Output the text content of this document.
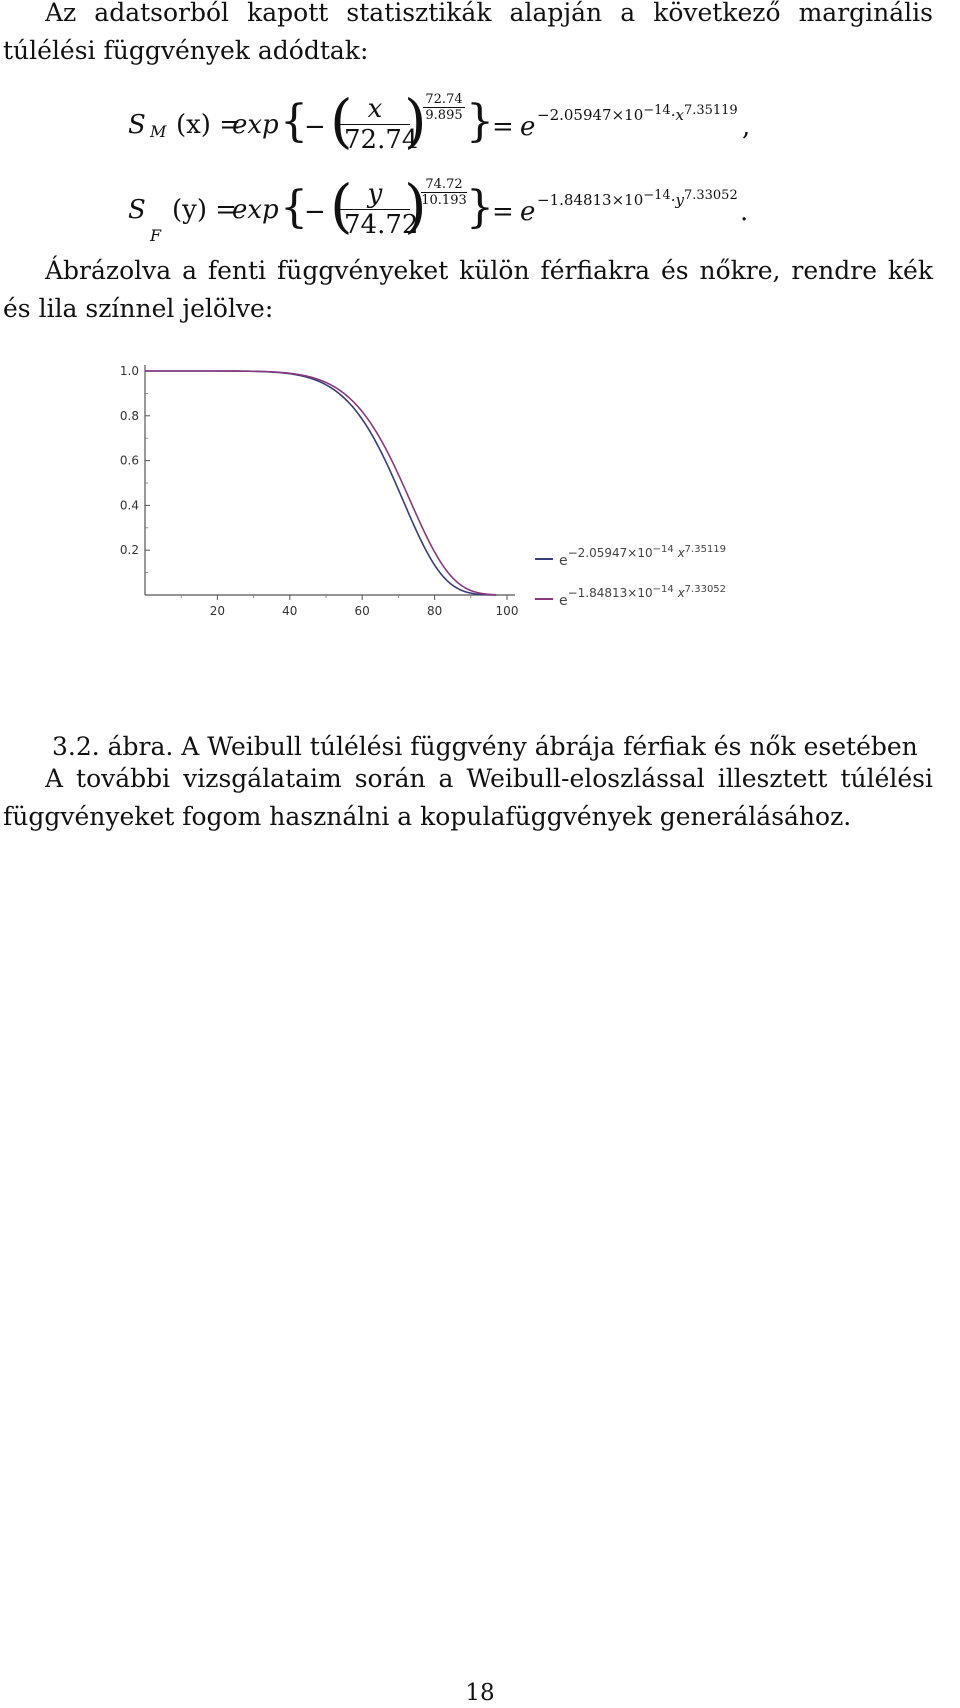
Az adatsorból kapott statisztikák alapján a következő marginális túlélési függvények adódtak:
S M (x) =
exp {
− (
$\frac{x}{72.74}$
)
72.74
9.895 }
= $e -2.05947\times 10^{-14}\cdot x^{7.35119}$
,
S
F
(y) =
exp {
− (
$\frac{y}{74.72}$
)
74.72
10.193 }
= $e -1.84813\times 10^{-14}\cdot y^{7.33052}$
.
Ábrázolva a fenti függvényeket külön férfiakra és nőkre, rendre kék és lila színnel jelölve:
0.2
0.4
0.6
0.8
1.0
20	40	60	80	100
$e-2.05947\times 10^{-14}$ $x^{7.35119}$
$e-1.84813\times 10^{-14}$ $x^{7.33052}$
3.2. ábra. A Weibull túlélési függvény ábrája férfiak és nők esetében
A további vizsgálataim során a Weibull-eloszlással illesztett túlélési függvényeket fogom használni a kopulafüggvények generálásához.
18
